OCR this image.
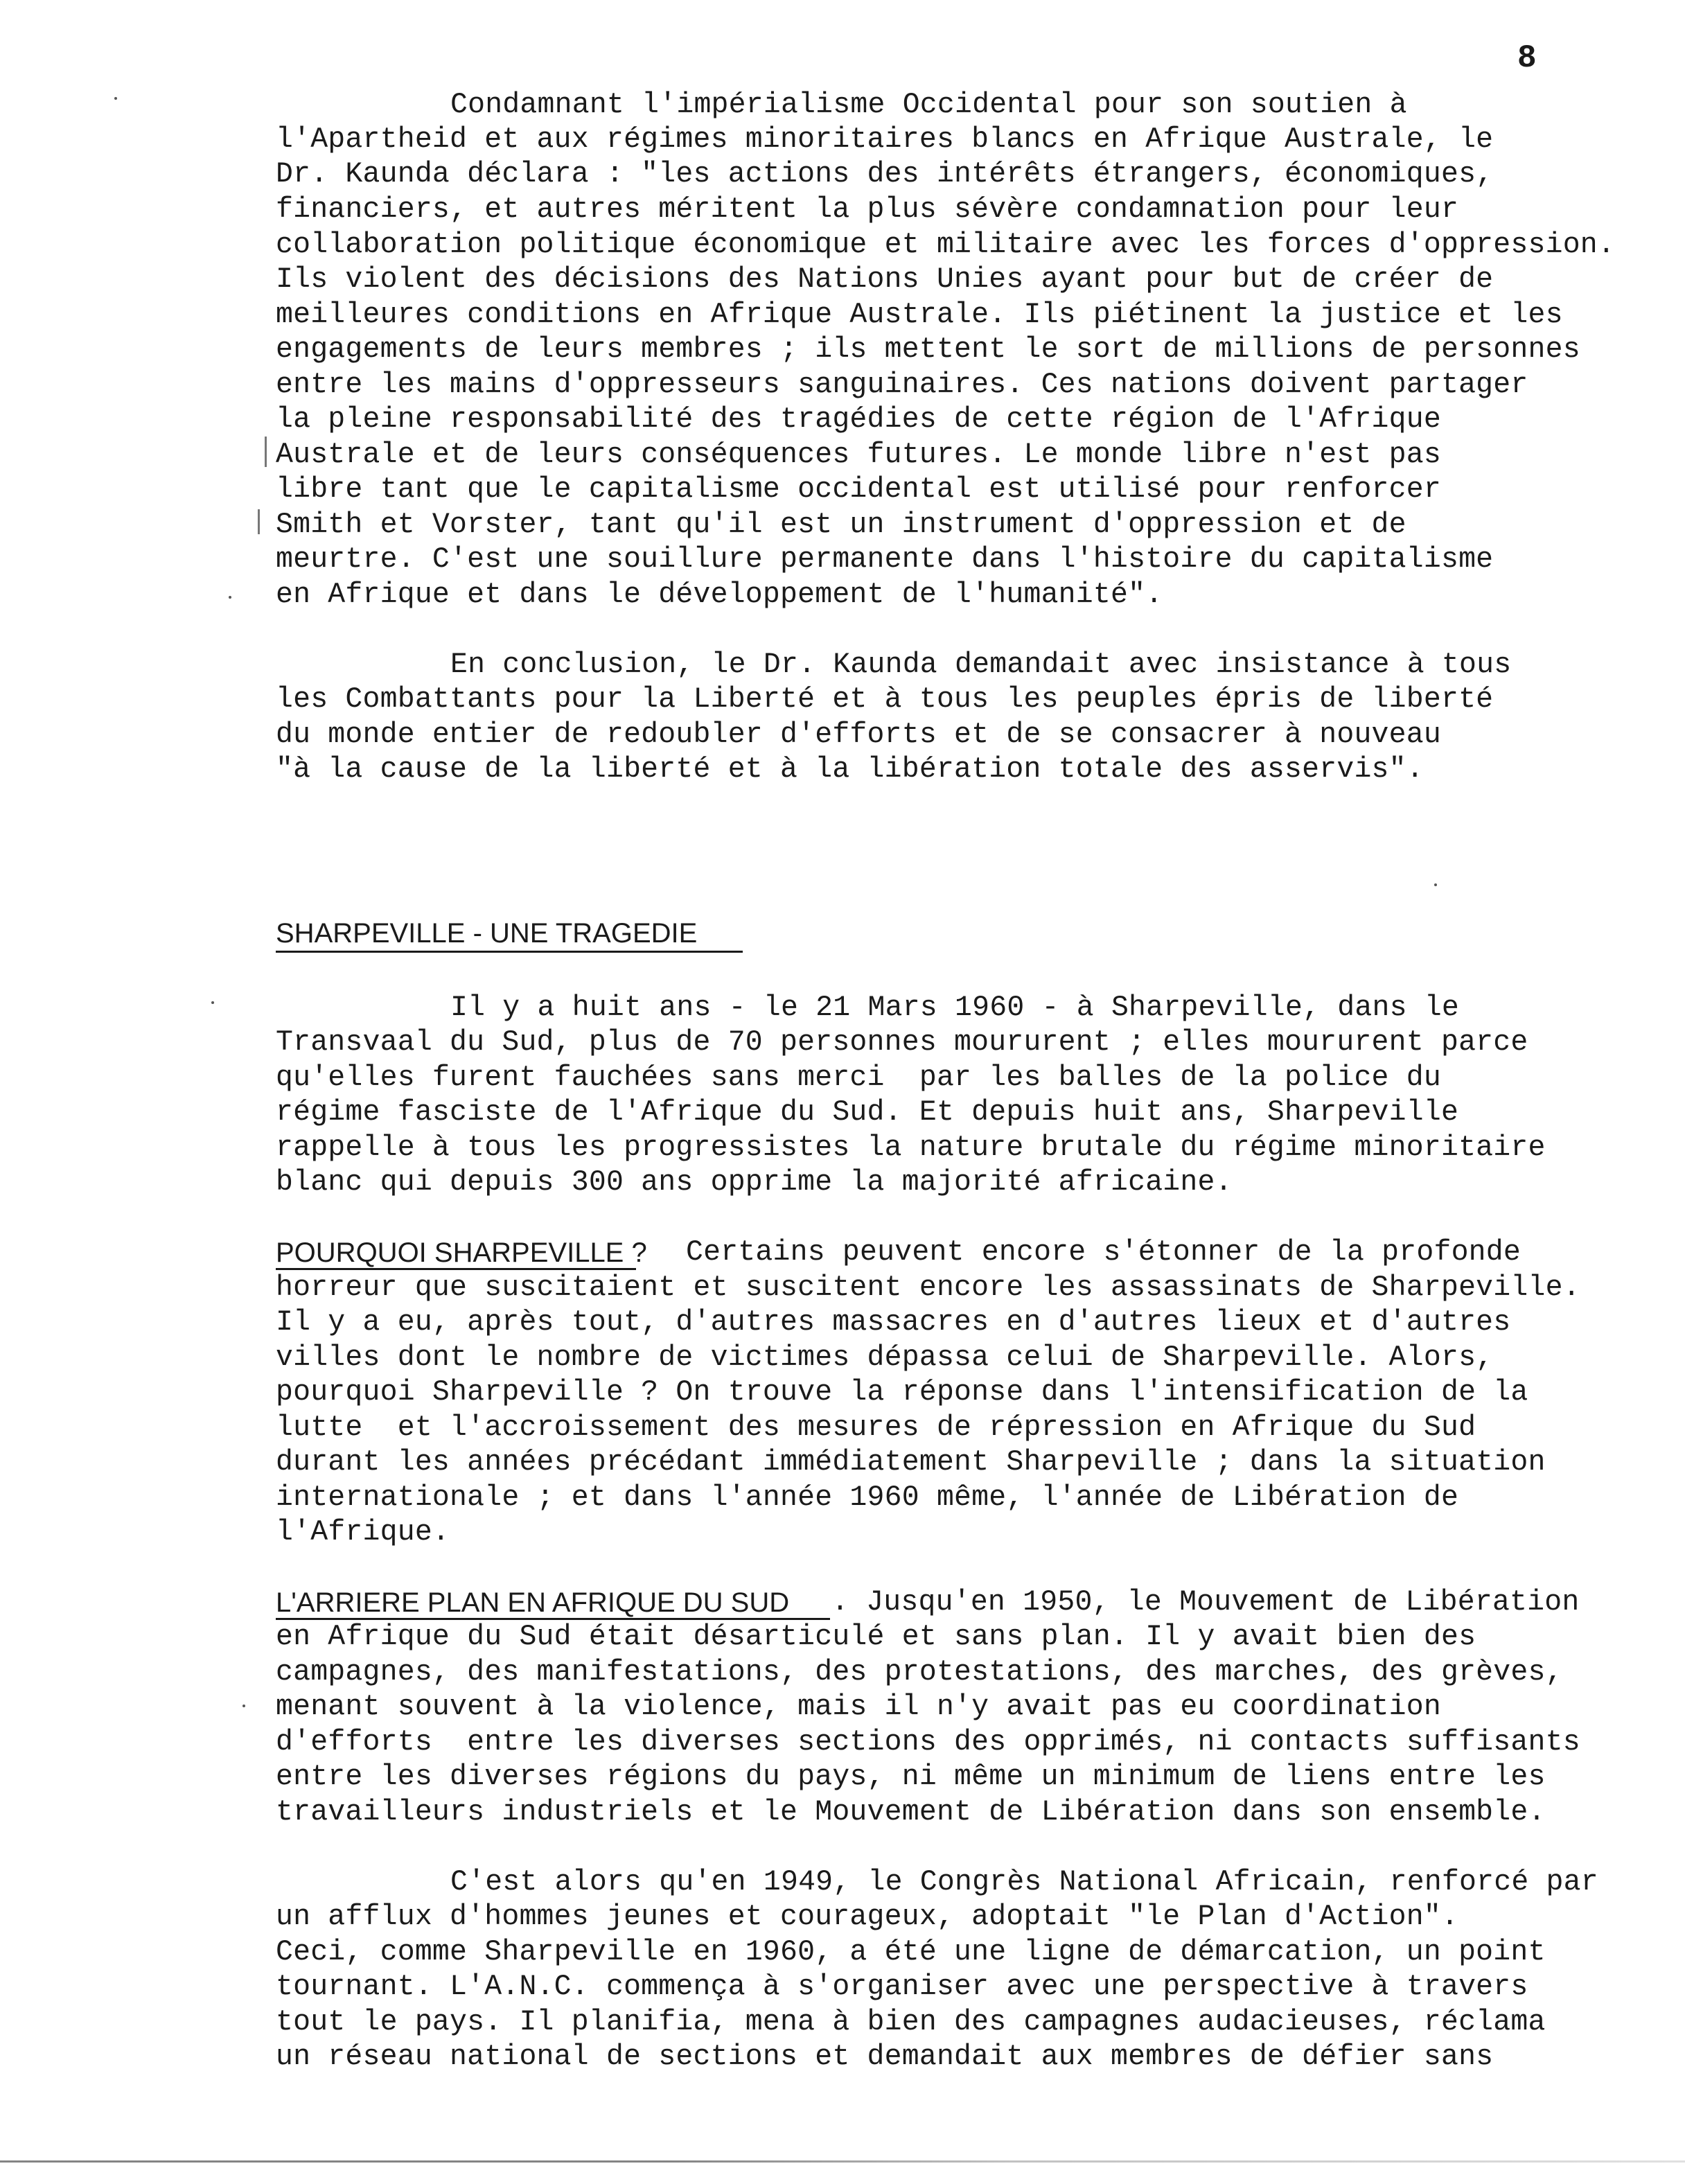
8
Condamnant l'impérialisme Occidental pour son soutien à
l'Apartheid et aux régimes minoritaires blancs en Afrique Australe, le
Dr. Kaunda déclara : "les actions des intérêts étrangers, économiques,
financiers, et autres méritent la plus sévère condamnation pour leur
collaboration politique économique et militaire avec les forces d'oppression.
Ils violent des décisions des Nations Unies ayant pour but de créer de
meilleures conditions en Afrique Australe. Ils piétinent la justice et les
engagements de leurs membres ; ils mettent le sort de millions de personnes
entre les mains d'oppresseurs sanguinaires. Ces nations doivent partager
la pleine responsabilité des tragédies de cette région de l'Afrique
Australe et de leurs conséquences futures. Le monde libre n'est pas
libre tant que le capitalisme occidental est utilisé pour renforcer
Smith et Vorster, tant qu'il est un instrument d'oppression et de
meurtre. C'est une souillure permanente dans l'histoire du capitalisme
en Afrique et dans le développement de l'humanité".
En conclusion, le Dr. Kaunda demandait avec insistance à tous
les Combattants pour la Liberté et à tous les peuples épris de liberté
du monde entier de redoubler d'efforts et de se consacrer à nouveau
"à la cause de la liberté et à la libération totale des asservis".
SHARPEVILLE - UNE TRAGEDIE
Il y a huit ans - le 21 Mars 1960 - à Sharpeville, dans le
Transvaal du Sud, plus de 70 personnes moururent ; elles moururent parce
qu'elles furent fauchées sans merci  par les balles de la police du
régime fasciste de l'Afrique du Sud. Et depuis huit ans, Sharpeville
rappelle à tous les progressistes la nature brutale du régime minoritaire
blanc qui depuis 300 ans opprime la majorité africaine.
POURQUOI SHARPEVILLE ? Certains peuvent encore s'étonner de la profonde
horreur que suscitaient et suscitent encore les assassinats de Sharpeville.
Il y a eu, après tout, d'autres massacres en d'autres lieux et d'autres
villes dont le nombre de victimes dépassa celui de Sharpeville. Alors,
pourquoi Sharpeville ? On trouve la réponse dans l'intensification de la
lutte  et l'accroissement des mesures de répression en Afrique du Sud
durant les années précédant immédiatement Sharpeville ; dans la situation
internationale ; et dans l'année 1960 même, l'année de Libération de
l'Afrique.
L'ARRIERE PLAN EN AFRIQUE DU SUD . Jusqu'en 1950, le Mouvement de Libération
en Afrique du Sud était désarticulé et sans plan. Il y avait bien des
campagnes, des manifestations, des protestations, des marches, des grèves,
menant souvent à la violence, mais il n'y avait pas eu coordination
d'efforts  entre les diverses sections des opprimés, ni contacts suffisants
entre les diverses régions du pays, ni même un minimum de liens entre les
travailleurs industriels et le Mouvement de Libération dans son ensemble.
C'est alors qu'en 1949, le Congrès National Africain, renforcé par
un afflux d'hommes jeunes et courageux, adoptait "le Plan d'Action".
Ceci, comme Sharpeville en 1960, a été une ligne de démarcation, un point
tournant. L'A.N.C. commença à s'organiser avec une perspective à travers
tout le pays. Il planifia, mena à bien des campagnes audacieuses, réclama
un réseau national de sections et demandait aux membres de défier sans
